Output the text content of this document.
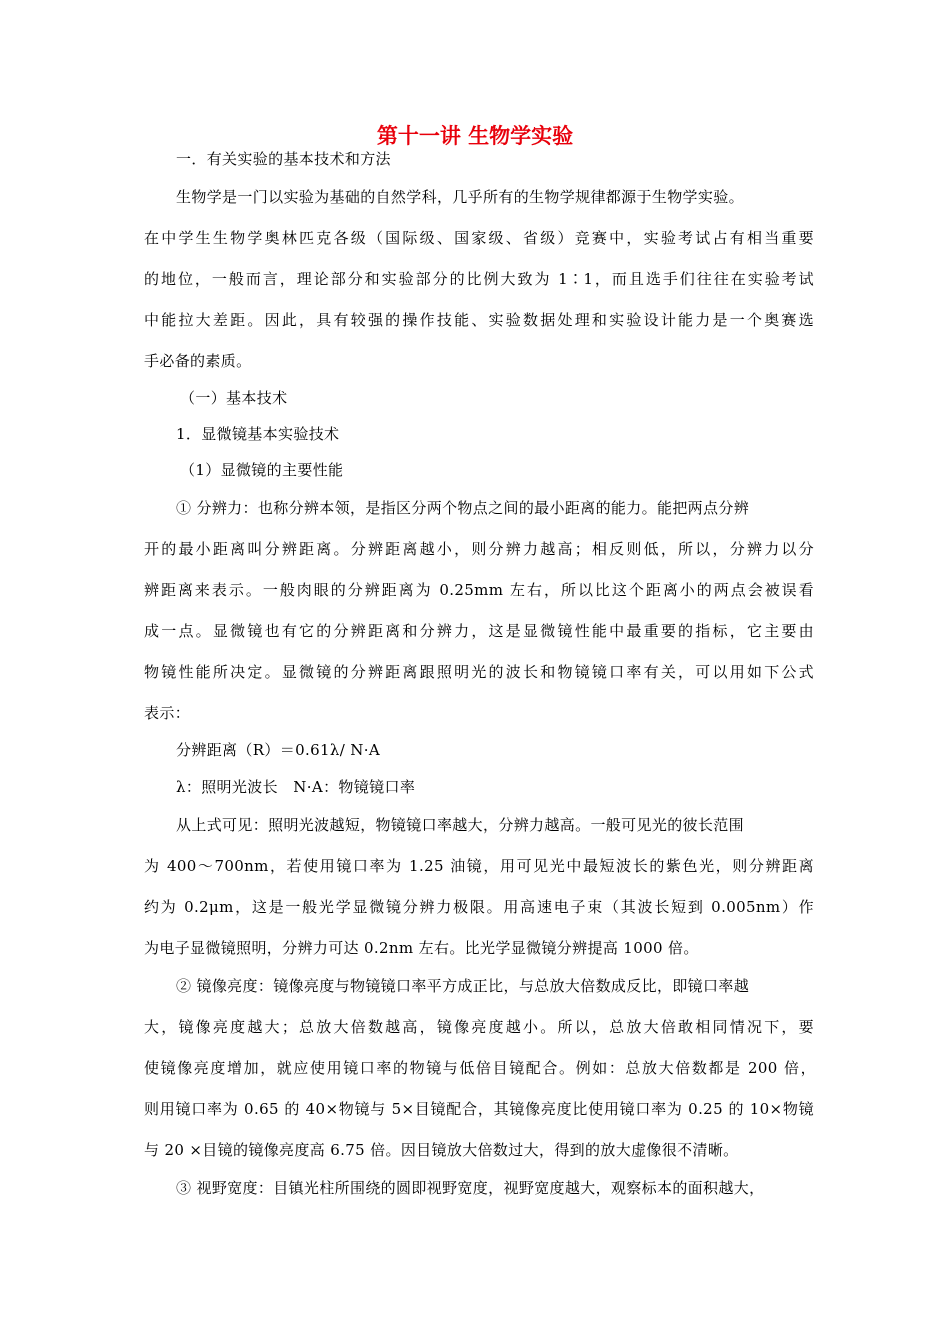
第十一讲 生物学实验
一．有关实验的基本技术和方法
生物学是一门以实验为基础的自然学科，几乎所有的生物学规律都源于生物学实验。
在中学生生物学奥林匹克各级（国际级、国家级、省级）竞赛中，实验考试占有相当重要
的地位，一般而言，理论部分和实验部分的比例大致为 1∶1，而且选手们往往在实验考试
中能拉大差距。因此，具有较强的操作技能、实验数据处理和实验设计能力是一个奥赛选
手必备的素质。
（一）基本技术
1．显微镜基本实验技术
（1）显微镜的主要性能
① 分辨力：也称分辨本领，是指区分两个物点之间的最小距离的能力。能把两点分辨
开的最小距离叫分辨距离。分辨距离越小，则分辨力越高；相反则低，所以，分辨力以分
辨距离来表示。一般肉眼的分辨距离为 0.25mm 左右，所以比这个距离小的两点会被误看
成一点。显微镜也有它的分辨距离和分辨力，这是显微镜性能中最重要的指标，它主要由
物镜性能所决定。显微镜的分辨距离跟照明光的波长和物镜镜口率有关，可以用如下公式
表示：
分辨距离（R）＝0.61λ/ N·A
λ：照明光波长   N·A：物镜镜口率
从上式可见：照明光波越短，物镜镜口率越大，分辨力越高。一般可见光的彼长范围
为 400～700nm，若使用镜口率为 1.25 油镜，用可见光中最短波长的紫色光，则分辨距离
约为 0.2μm，这是一般光学显微镜分辨力极限。用高速电子束（其波长短到 0.005nm）作
为电子显微镜照明，分辨力可达 0.2nm 左右。比光学显微镜分辨提高 1000 倍。
② 镜像亮度：镜像亮度与物镜镜口率平方成正比，与总放大倍数成反比，即镜口率越
大，镜像亮度越大；总放大倍数越高，镜像亮度越小。所以，总放大倍敢相同情况下，要
使镜像亮度增加，就应使用镜口率的物镜与低倍目镜配合。例如：总放大倍数都是 200 倍，
则用镜口率为 0.65 的 40×物镜与 5×目镜配合，其镜像亮度比使用镜口率为 0.25 的 10×物镜
与 20 ×目镜的镜像亮度高 6.75 倍。因目镜放大倍数过大，得到的放大虚像很不清晰。
③ 视野宽度：目镇光柱所围绕的圆即视野宽度，视野宽度越大，观察标本的面积越大，
